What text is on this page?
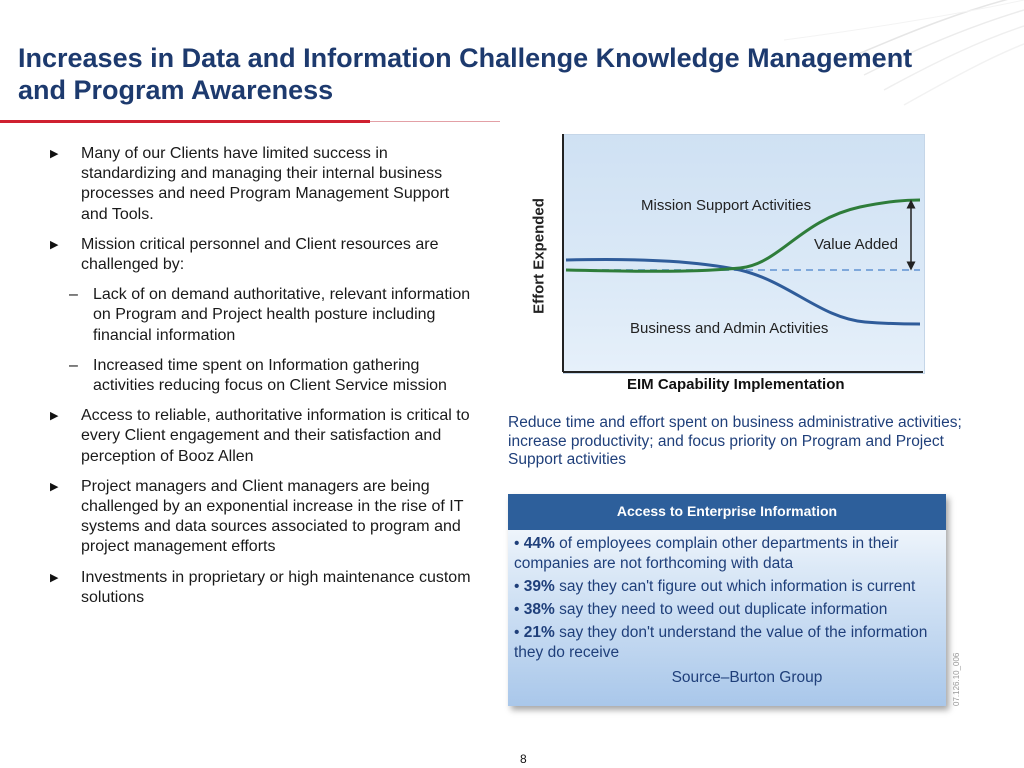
Increases in Data and Information Challenge Knowledge Management and Program Awareness
▶ Many of our Clients have limited success in standardizing and managing their internal business processes and need Program Management Support and Tools.
▶ Mission critical personnel and Client resources are challenged by:
– Lack of on demand authoritative, relevant information on Program and Project health posture including financial information
– Increased time spent on Information gathering activities reducing focus on Client Service mission
▶ Access to reliable, authoritative information is critical to every Client engagement and their satisfaction and perception of Booz Allen
▶ Project managers and Client managers are being challenged by an exponential increase in the rise of IT systems and data sources associated to program and project management efforts
▶ Investments in proprietary or high maintenance custom solutions
Effort Expended	Mission Support Activities
Value Added
Business and Admin Activities
EIM Capability Implementation
Reduce time and effort spent on business administrative activities; increase productivity; and focus priority on Program and Project Support activities
Access to Enterprise Information
• 44% of employees complain other departments in their companies are not forthcoming with data
• 39% say they can't figure out which information is current
• 38% say they need to weed out duplicate information
• 21% say they don't understand the value of the information they do receive
Source–Burton Group	07.126.10_006
8
